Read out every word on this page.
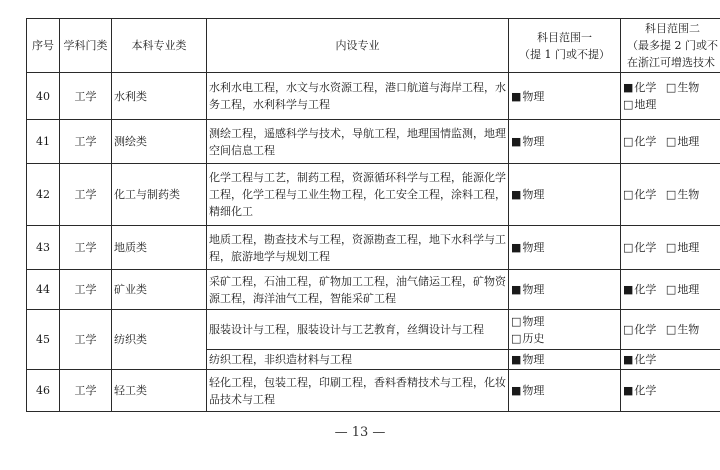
序号	学科门类	本科专业类	内设专业	科目范围一
（提 1 门或不提）	科目范围二
（最多提 2 门或不
在浙江可增选技术

40	工学	水利类	水利水电工程，水文与水资源工程，港口航道与海岸工程，水务工程，水利科学与工程	■ 物理	■ 化学 □ 生物
□ 地理
41	工学	测绘类	测绘工程，遥感科学与技术，导航工程，地理国情监测，地理空间信息工程	■ 物理	□ 化学 □ 地理
42	工学	化工与制药类	化学工程与工艺，制药工程，资源循环科学与工程，能源化学工程，化学工程与工业生物工程，化工安全工程，涂料工程，精细化工	■ 物理	□ 化学 □ 生物
43	工学	地质类	地质工程，勘查技术与工程，资源勘查工程，地下水科学与工程，旅游地学与规划工程	■ 物理	□ 化学 □ 地理
44	工学	矿业类	采矿工程，石油工程，矿物加工工程，油气储运工程，矿物资源工程，海洋油气工程，智能采矿工程	■ 物理	■ 化学 □ 地理
45	工学	纺织类	服装设计与工程，服装设计与工艺教育，丝绸设计与工程	□ 物理
□ 历史	□ 化学 □ 生物
			纺织工程，非织造材料与工程	■ 物理	■ 化学
46	工学	轻工类	轻化工程，包装工程，印刷工程，香料香精技术与工程，化妆品技术与工程	■ 物理	■ 化学
— 13 —
